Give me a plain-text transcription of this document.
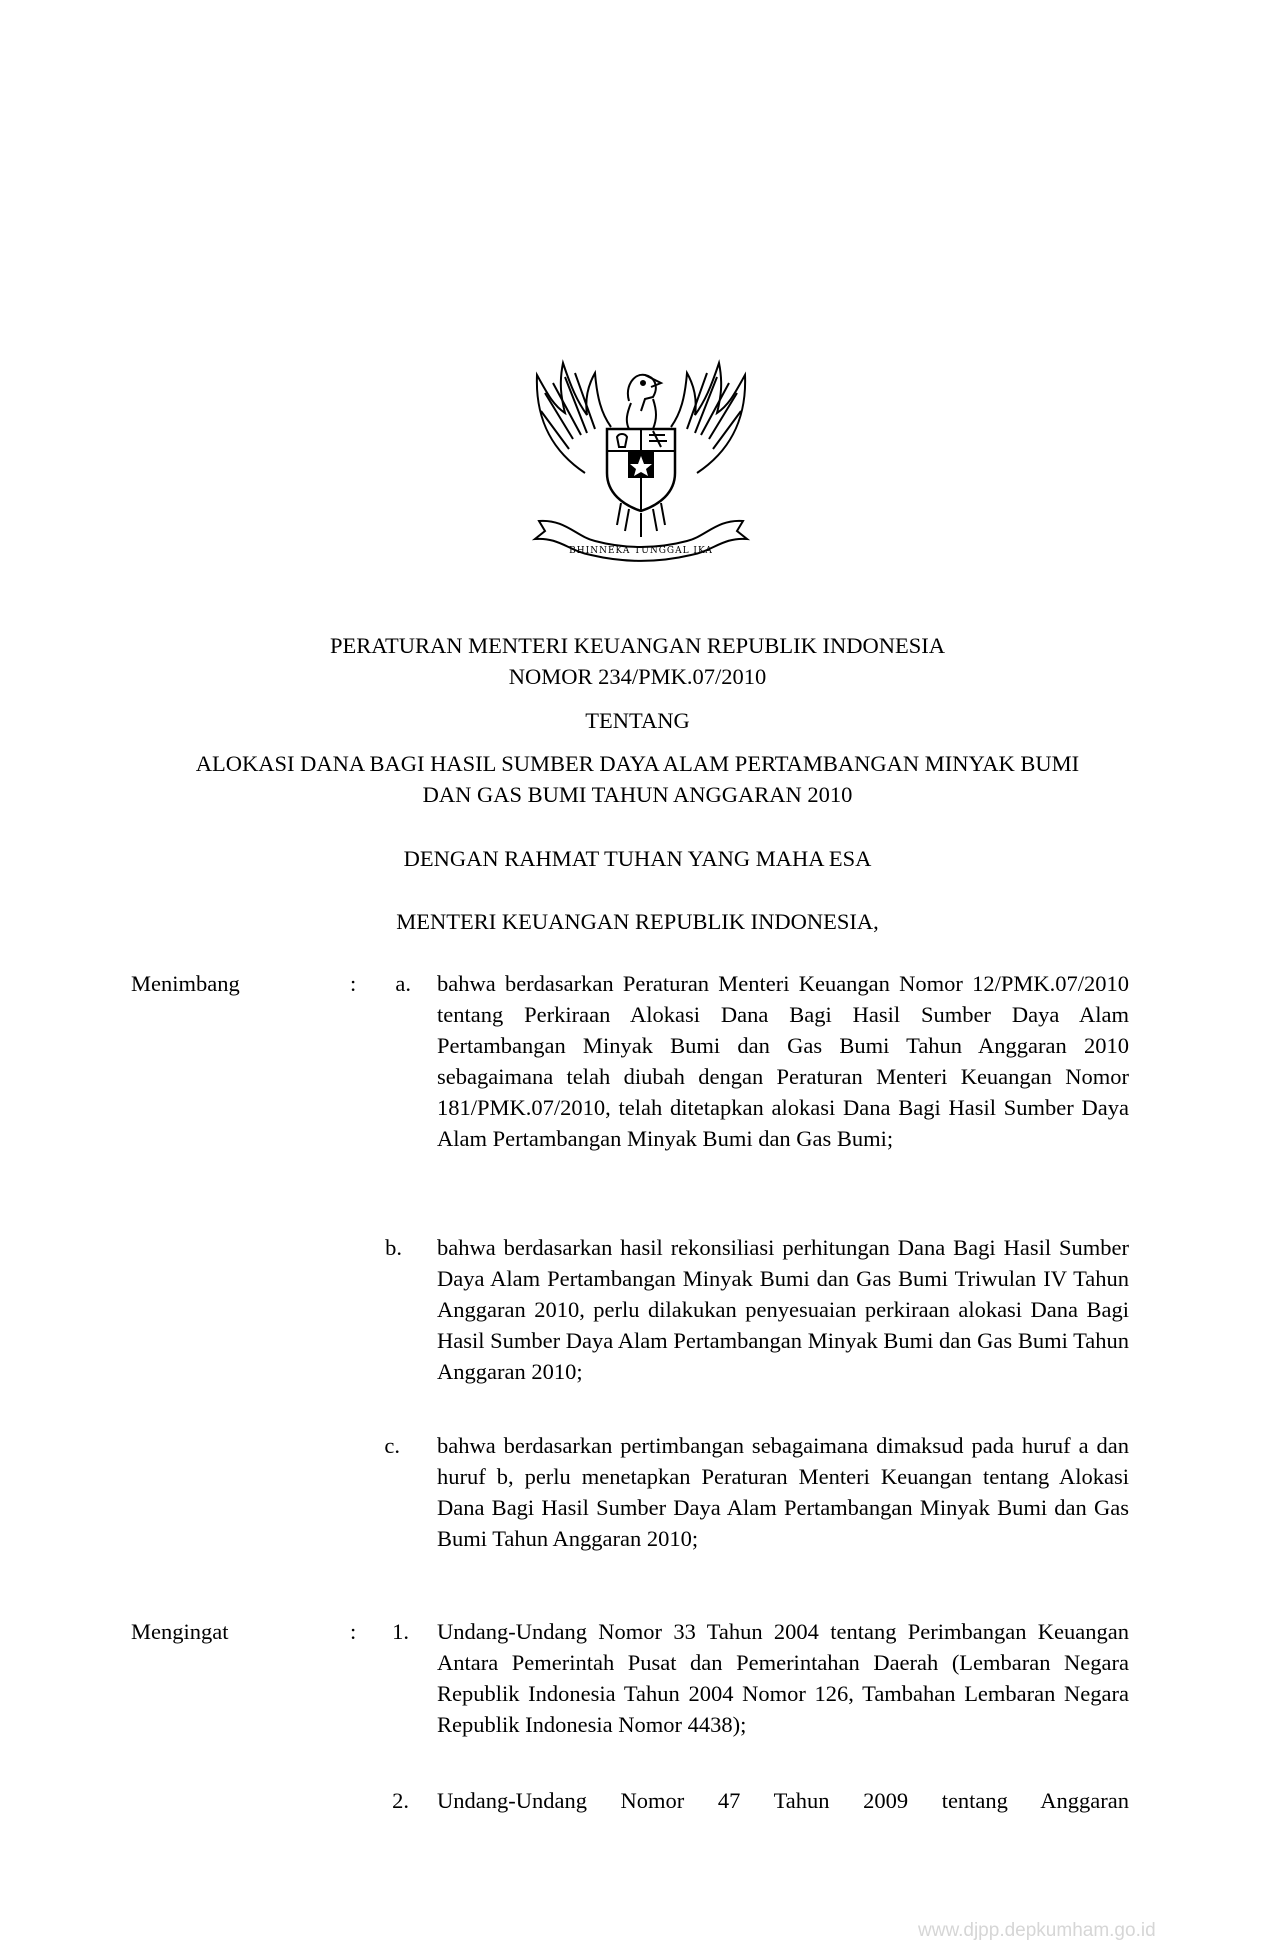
BHINNEKA TUNGGAL IKA
PERATURAN MENTERI KEUANGAN REPUBLIK INDONESIA
NOMOR 234/PMK.07/2010
TENTANG
ALOKASI DANA BAGI HASIL SUMBER DAYA ALAM PERTAMBANGAN MINYAK BUMI
DAN GAS BUMI TAHUN ANGGARAN 2010
DENGAN RAHMAT TUHAN YANG MAHA ESA
MENTERI KEUANGAN REPUBLIK INDONESIA,
Menimbang	:	a. bahwa berdasarkan Peraturan Menteri Keuangan Nomor 12/PMK.07/2010 tentang Perkiraan Alokasi Dana Bagi Hasil Sumber Daya Alam Pertambangan Minyak Bumi dan Gas Bumi Tahun Anggaran 2010 sebagaimana telah diubah dengan Peraturan Menteri Keuangan Nomor 181/PMK.07/2010, telah ditetapkan alokasi Dana Bagi Hasil Sumber Daya Alam Pertambangan Minyak Bumi dan Gas Bumi;
b. bahwa berdasarkan hasil rekonsiliasi perhitungan Dana Bagi Hasil Sumber Daya Alam Pertambangan Minyak Bumi dan Gas Bumi Triwulan IV Tahun Anggaran 2010, perlu dilakukan penyesuaian perkiraan alokasi Dana Bagi Hasil Sumber Daya Alam Pertambangan Minyak Bumi dan Gas Bumi Tahun Anggaran 2010;
c. bahwa berdasarkan pertimbangan sebagaimana dimaksud pada huruf a dan huruf b, perlu menetapkan Peraturan Menteri Keuangan tentang Alokasi Dana Bagi Hasil Sumber Daya Alam Pertambangan Minyak Bumi dan Gas Bumi Tahun Anggaran 2010;
Mengingat	:	1. Undang-Undang Nomor 33 Tahun 2004 tentang Perimbangan Keuangan Antara Pemerintah Pusat dan Pemerintahan Daerah (Lembaran Negara Republik Indonesia Tahun 2004 Nomor 126, Tambahan Lembaran Negara Republik Indonesia Nomor 4438);
2. Undang-Undang Nomor 47 Tahun 2009 tentang Anggaran
www.djpp.depkumham.go.id
